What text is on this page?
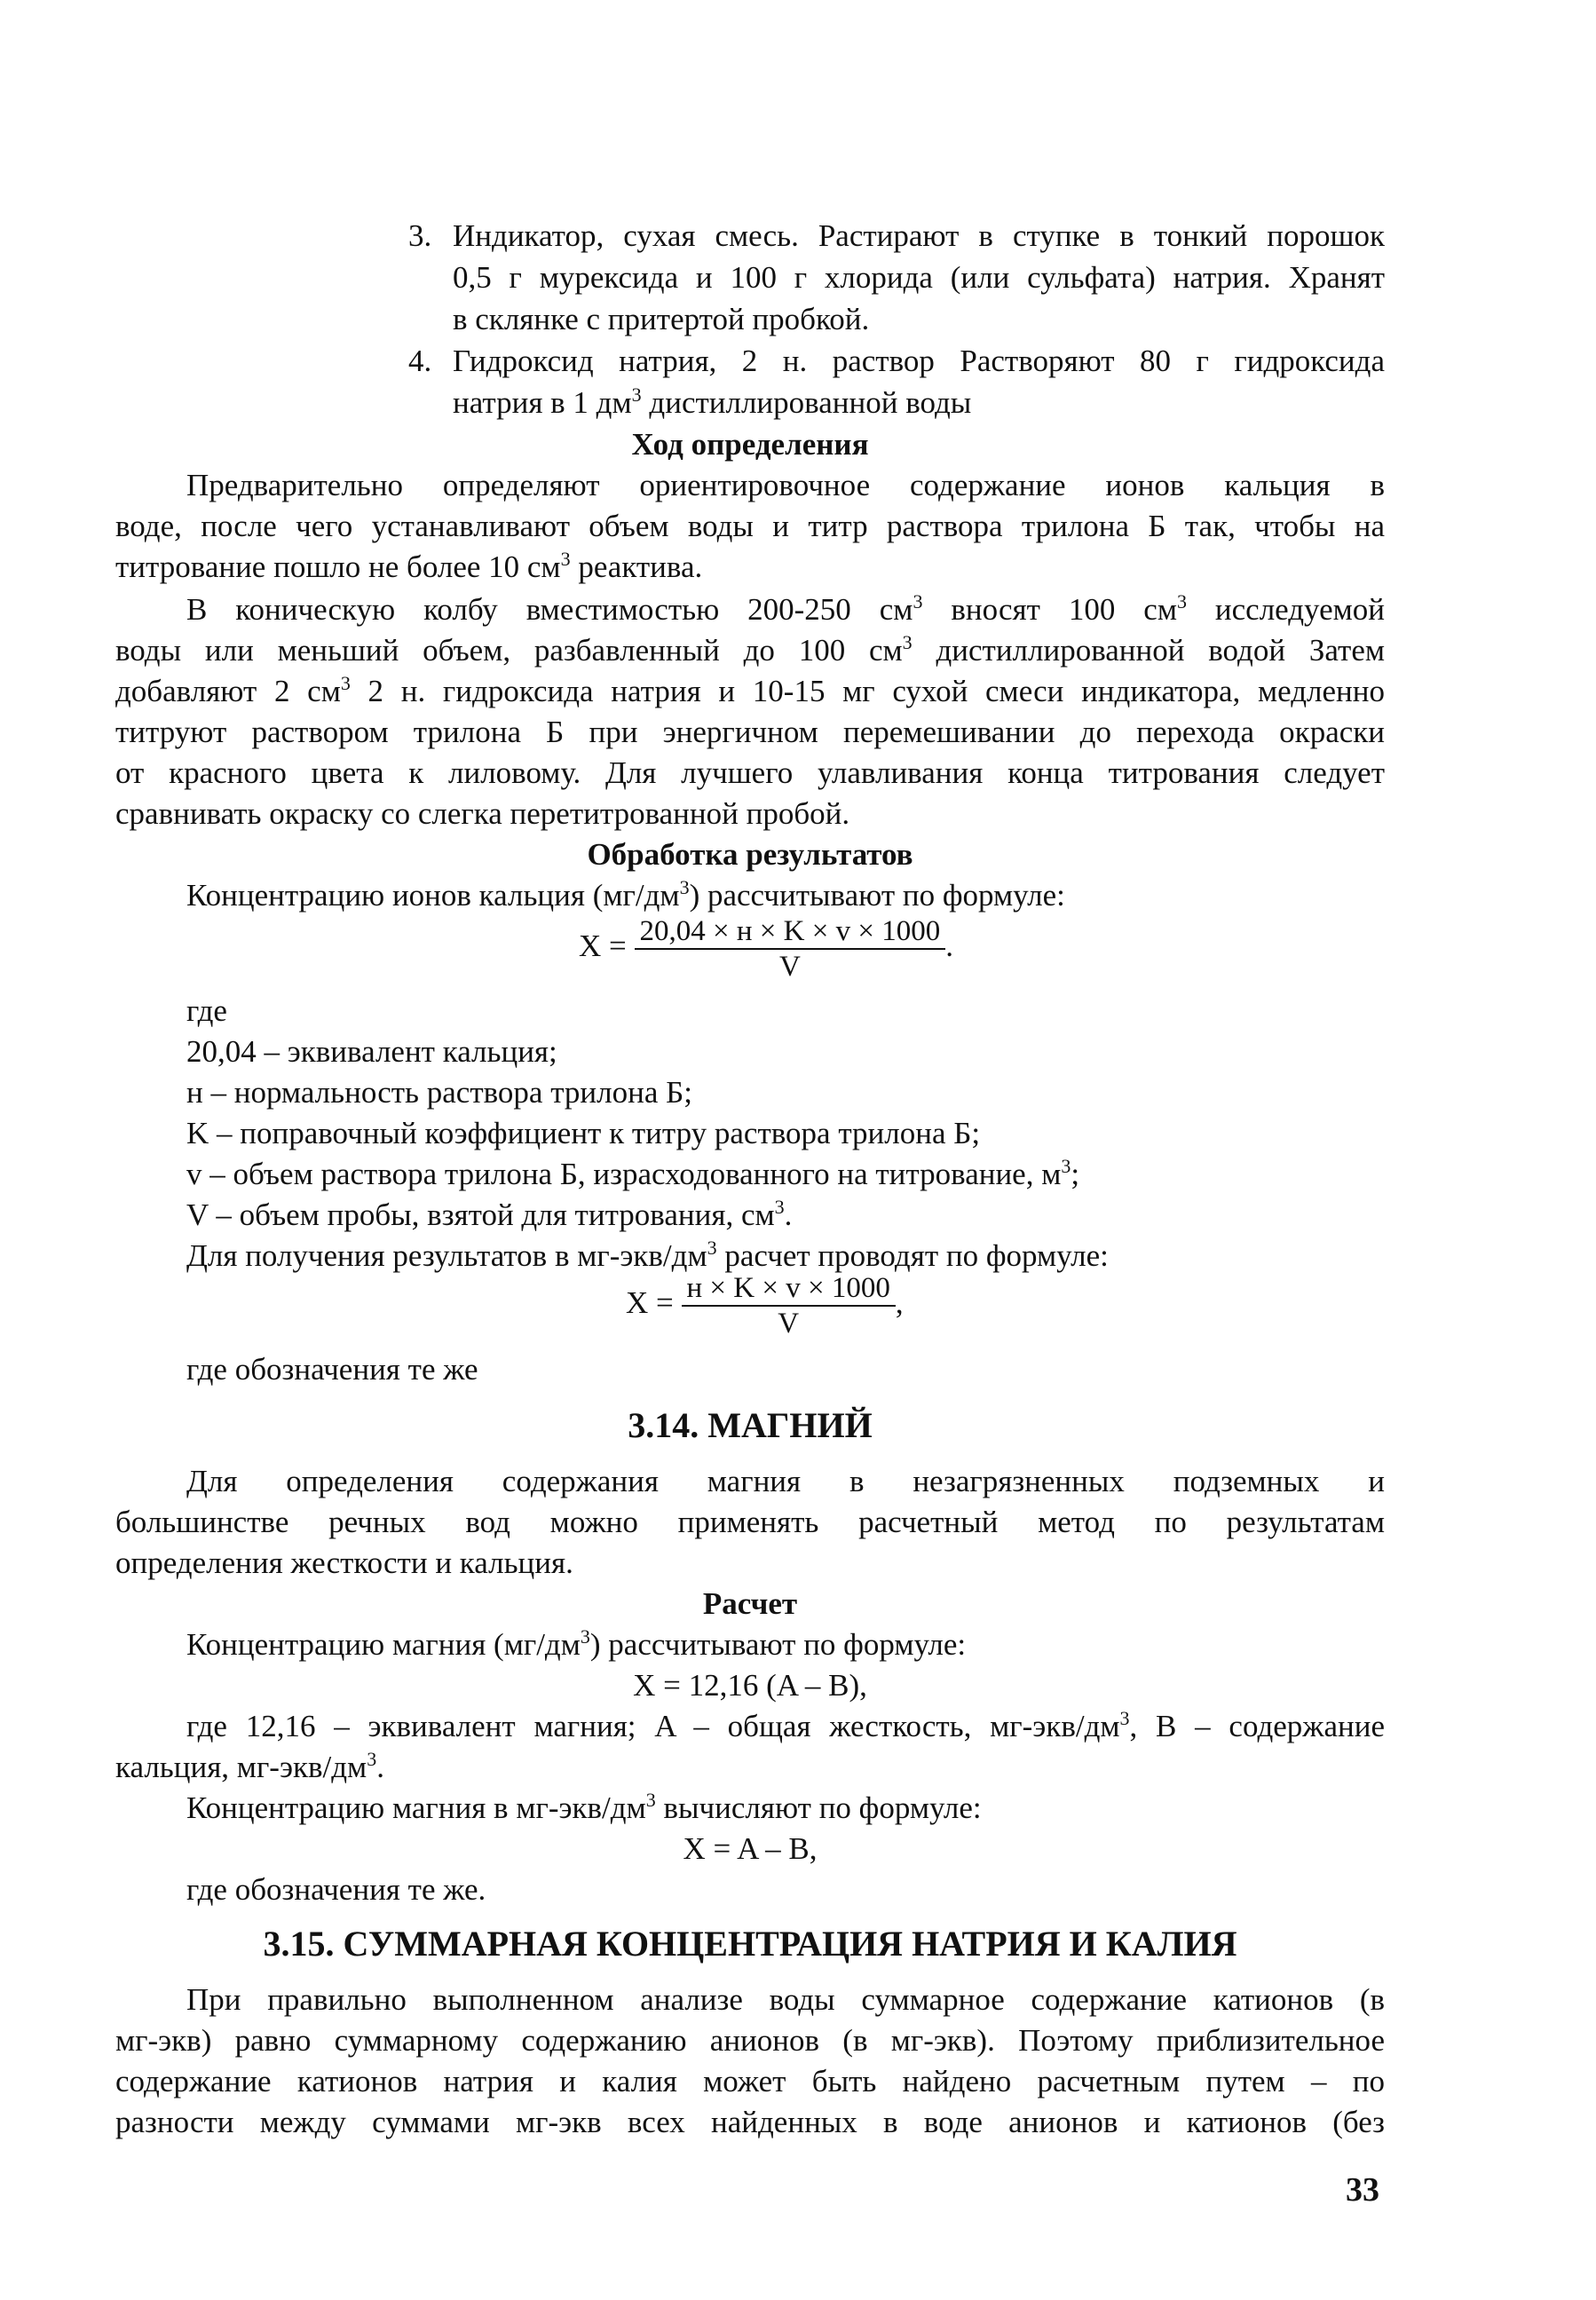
3. Индикатор, сухая смесь. Растирают в ступке в тонкий порошок
0,5 г мурексида и 100 г хлорида (или сульфата) натрия. Хранят
в склянке с притертой пробкой.
4. Гидроксид натрия, 2 н. раствор Растворяют 80 г гидроксида
натрия в 1 $дм^3$ дистиллированной воды
Ход определения
Предварительно определяют ориентировочное содержание ионов кальция в
воде, после чего устанавливают объем воды и титр раствора трилона Б так, чтобы на
титрование пошло не более 10 $см^3$ реактива.
В коническую колбу вместимостью 200-250 $см^3$ вносят 100 $см^3$ исследуемой
воды или меньший объем, разбавленный до 100 $см^3$ дистиллированной водой Затем
добавляют 2 $см^3$ 2 н. гидроксида натрия и 10-15 мг сухой смеси индикатора, медленно
титруют раствором трилона Б при энергичном перемешивании до перехода окраски
от красного цвета к лиловому. Для лучшего улавливания конца титрования следует
сравнивать окраску со слегка перетитрованной пробой.
Обработка результатов
Концентрацию ионов кальция $(мг/дм^3)$ рассчитывают по формуле:
$X = \frac{20,04 \times н \times K \times v \times 1000}{V}$ .
где
20,04 – эквивалент кальция;
н – нормальность раствора трилона Б;
K – поправочный коэффициент к титру раствора трилона Б;
v – объем раствора трилона Б, израсходованного на титрование, $м^3$;
V – объем пробы, взятой для титрования, $см^3$.
Для получения результатов в $мг-экв/дм^3$ расчет проводят по формуле:
$X = \frac{н \times K \times v \times 1000}{V}$ ,
где обозначения те же
3.14. МАГНИЙ
Для определения содержания магния в незагрязненных подземных и
большинстве речных вод можно применять расчетный метод по результатам
определения жесткости и кальция.
Расчет
Концентрацию магния $(мг/дм^3)$ рассчитывают по формуле:
X = 12,16 (A – B),
где 12,16 – эквивалент магния; A – общая жесткость, $мг-экв/дм^3$, B – содержание
кальция, $мг-экв/дм^3$.
Концентрацию магния в $мг-экв/дм^3$ вычисляют по формуле:
X = A – B,
где обозначения те же.
3.15. СУММАРНАЯ КОНЦЕНТРАЦИЯ НАТРИЯ И КАЛИЯ
При правильно выполненном анализе воды суммарное содержание катионов (в
мг-экв) равно суммарному содержанию анионов (в мг-экв). Поэтому приблизительное
содержание катионов натрия и калия может быть найдено расчетным путем – по
разности между суммами мг-экв всех найденных в воде анионов и катионов (без
33
